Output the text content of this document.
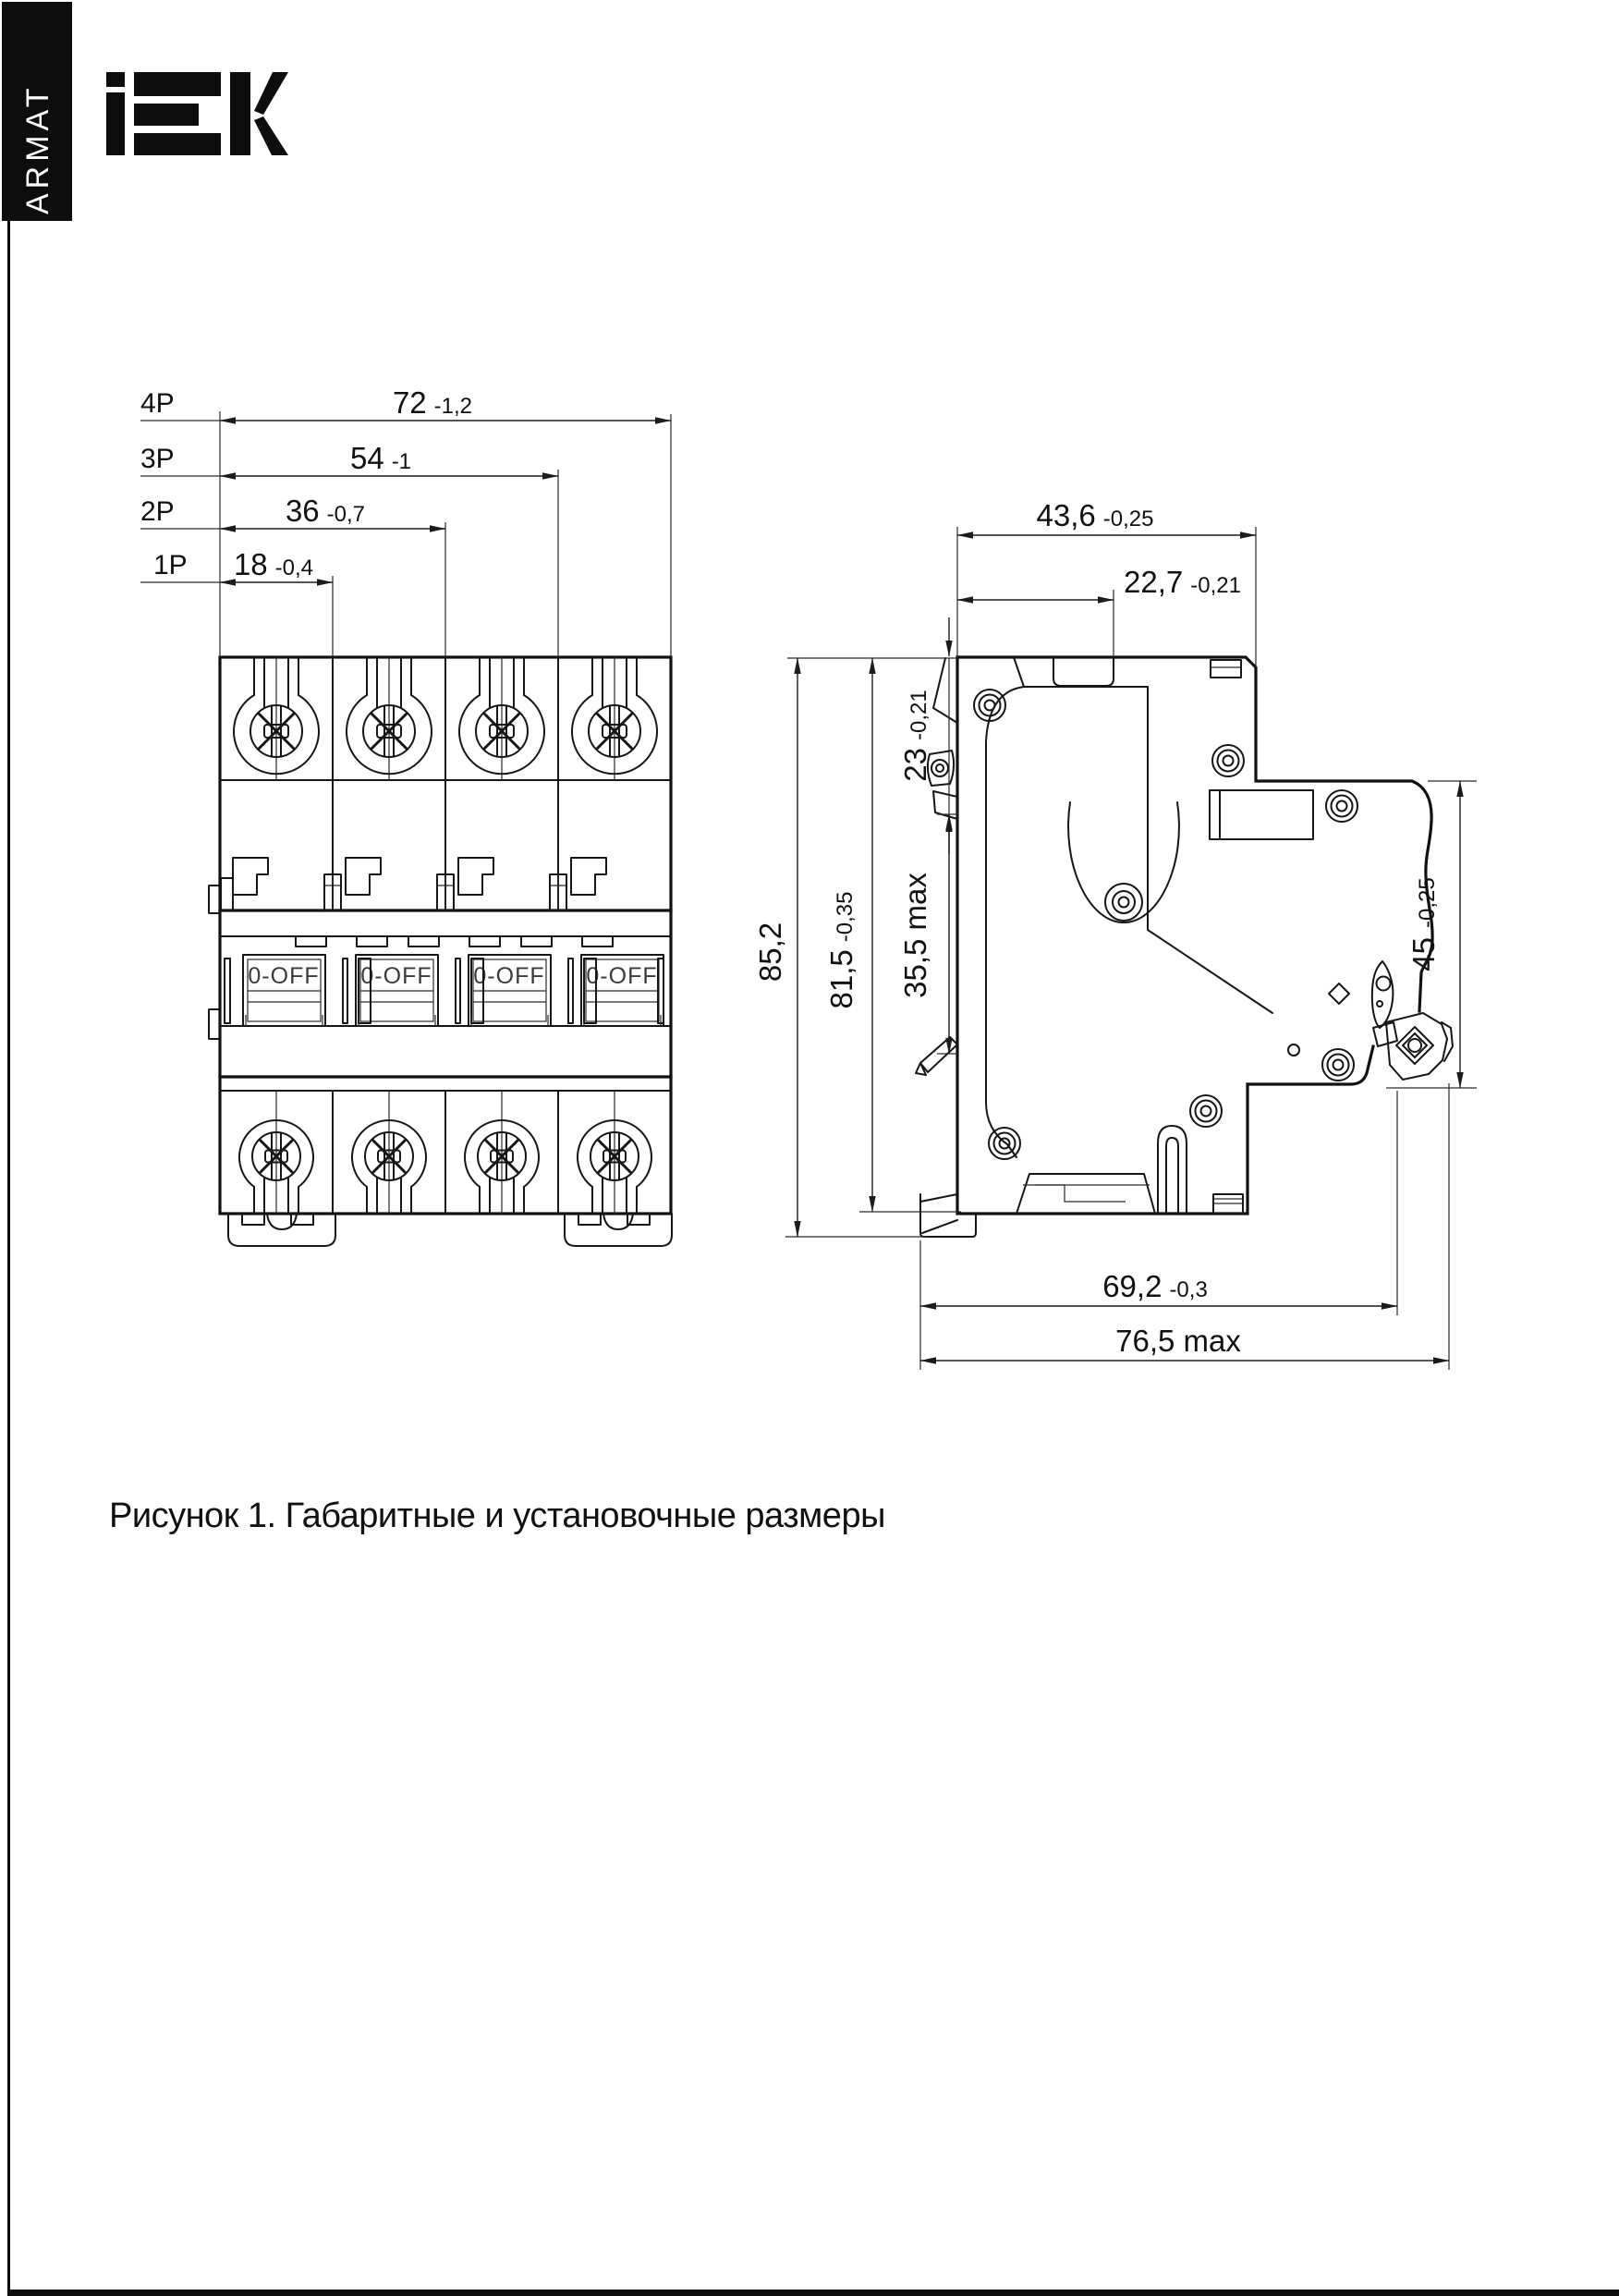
ARMAT
0-OFF 0-OFF 0-OFF 0-OFF
4P	72 -1,2
3P	54 -1
2P	36 -0,7
1P 18 -0,4
43,6 -0,25
22,7 -0,21
23-0,21
35,5 max
85,2 81,5-0,35
45-0,25
69,2 -0,3
76,5 max
Рисунок 1. Габаритные и установочные размеры
